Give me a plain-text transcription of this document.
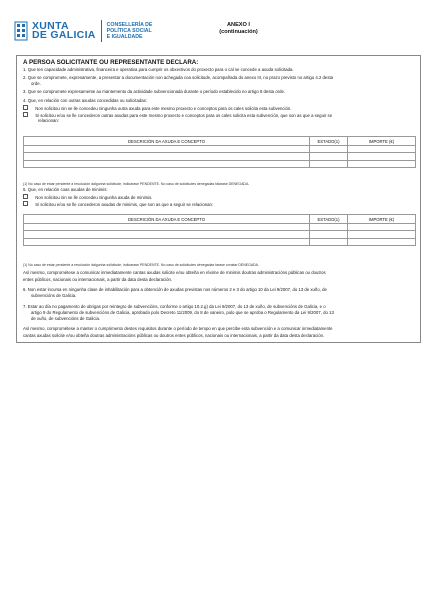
XUNTA
DE GALICIA
CONSELLERÍA DE
POLÍTICA SOCIAL
E IGUALDADE
ANEXO I
(continuación)
A PERSOA SOLICITANTE OU REPRESENTANTE DECLARA:
1. Que ten capacidade administrativa, financeira e operativa para cumprir os obxectivos do proxecto para o cal se concede a axuda solicitada.
2. Que se compromete, expresamente, a presentar a documentación non achegada coa solicitude, acompañada do anexo III, no prazo previsto no artigo 4.2 desta
orde.
3. Que se compromete expresamente ao mantemento da actividade subvencionada durante o período establecido no artigo 8 desta orde.
4. Que, en relación con outras axudas concedidas ou solicitadas:
Non solicitou nin se lle concedeu ningunha outra axuda para este mesmo proxecto e conceptos para os cales solicita esta subvención.
Si solicitou e/ou se lle concederon outras axudas para este mesmo proxecto e conceptos para os cales solicita esta subvención, que son as que a seguir se
relacionan:
DESCRICIÓN DA AXUDA E CONCEPTO	ESTADO(1)	IMPORTE (€)

(1) No caso de estar pendente a resolución dalgunha solicitude, indicarase PENDENTE. No caso de solicitudes denegadas falarase DENEGADA.
5. Que, en relación coas axudas de minimis:
Non solicitou nin se lle concedeu ningunha axuda de minimis.
Si solicitou e/ou se lle concederon axudas de minimis, que son as que a seguir se relacionan:
DESCRICIÓN DA AXUDA E CONCEPTO	ESTADO(1)	IMPORTE (€)

(1) No caso de estar pendente a resolución dalgunha solicitude, indicarase PENDENTE. No caso de solicitudes denegadas farase constar DENEGADA.
Así mesmo, comprométese a comunicar inmediatamente cantas axudas solicite e/ou obteña en réxime de minimis doutras administracións públicas ou doutros
entes públicos, nacionais ou internacionais, a partir da data desta declaración.
6. Non estar incursa en ningunha clase de inhabilitación para a obtención de axudas previstas nos números 2 e 3 do artigo 10 da Lei 9/2007, do 13 de xuño, de
subvencións de Galicia.
7. Estar ao día no pagamento de obrigas por reintegro de subvencións, conforme o artigo 10.2.g) da Lei 9/2007, do 13 de xuño, de subvencións de Galicia, e o
artigo 9 do Regulamento de subvencións de Galicia, aprobado polo Decreto 11/2009, do 8 de xaneiro, polo que se aproba o Regulamento da Lei 9/2007, do 13
de xuño, de subvencións de Galicia.
Así mesmo, comprométese a manter o cumprimento destes requisitos durante o período de tempo en que percibe esta subvención e a comunicar inmediatamente
cantas axudas solicite e/ou obteña doutras administracións públicas ou doutros entes públicos, nacionais ou internacionais, a partir da data desta declaración.
